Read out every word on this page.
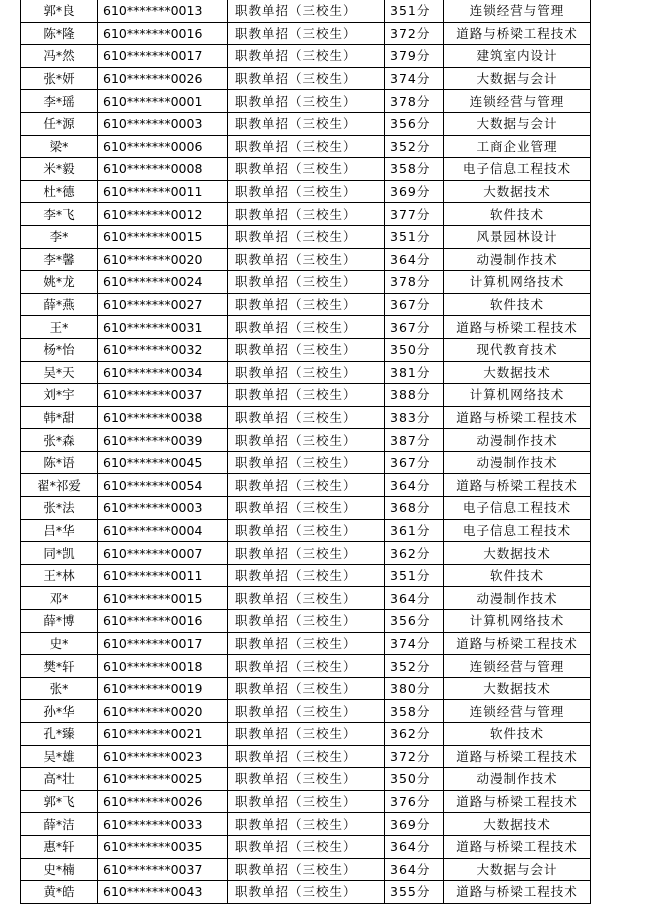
郭*良	610*******0013	职教单招（三校生）	351分	连锁经营与管理
陈*隆	610*******0016	职教单招（三校生）	372分	道路与桥梁工程技术
冯*然	610*******0017	职教单招（三校生）	379分	建筑室内设计
张*妍	610*******0026	职教单招（三校生）	374分	大数据与会计
李*瑶	610*******0001	职教单招（三校生）	378分	连锁经营与管理
任*源	610*******0003	职教单招（三校生）	356分	大数据与会计
梁*	610*******0006	职教单招（三校生）	352分	工商企业管理
米*毅	610*******0008	职教单招（三校生）	358分	电子信息工程技术
杜*德	610*******0011	职教单招（三校生）	369分	大数据技术
李*飞	610*******0012	职教单招（三校生）	377分	软件技术
李*	610*******0015	职教单招（三校生）	351分	风景园林设计
李*馨	610*******0020	职教单招（三校生）	364分	动漫制作技术
姚*龙	610*******0024	职教单招（三校生）	378分	计算机网络技术
薛*燕	610*******0027	职教单招（三校生）	367分	软件技术
王*	610*******0031	职教单招（三校生）	367分	道路与桥梁工程技术
杨*怡	610*******0032	职教单招（三校生）	350分	现代教育技术
吴*天	610*******0034	职教单招（三校生）	381分	大数据技术
刘*宇	610*******0037	职教单招（三校生）	388分	计算机网络技术
韩*甜	610*******0038	职教单招（三校生）	383分	道路与桥梁工程技术
张*森	610*******0039	职教单招（三校生）	387分	动漫制作技术
陈*语	610*******0045	职教单招（三校生）	367分	动漫制作技术
翟*祁爱	610*******0054	职教单招（三校生）	364分	道路与桥梁工程技术
张*法	610*******0003	职教单招（三校生）	368分	电子信息工程技术
吕*华	610*******0004	职教单招（三校生）	361分	电子信息工程技术
同*凯	610*******0007	职教单招（三校生）	362分	大数据技术
王*林	610*******0011	职教单招（三校生）	351分	软件技术
邓*	610*******0015	职教单招（三校生）	364分	动漫制作技术
薛*博	610*******0016	职教单招（三校生）	356分	计算机网络技术
史*	610*******0017	职教单招（三校生）	374分	道路与桥梁工程技术
樊*轩	610*******0018	职教单招（三校生）	352分	连锁经营与管理
张*	610*******0019	职教单招（三校生）	380分	大数据技术
孙*华	610*******0020	职教单招（三校生）	358分	连锁经营与管理
孔*臻	610*******0021	职教单招（三校生）	362分	软件技术
吴*雄	610*******0023	职教单招（三校生）	372分	道路与桥梁工程技术
高*壮	610*******0025	职教单招（三校生）	350分	动漫制作技术
郭*飞	610*******0026	职教单招（三校生）	376分	道路与桥梁工程技术
薛*洁	610*******0033	职教单招（三校生）	369分	大数据技术
惠*轩	610*******0035	职教单招（三校生）	364分	道路与桥梁工程技术
史*楠	610*******0037	职教单招（三校生）	364分	大数据与会计
黄*皓	610*******0043	职教单招（三校生）	355分	道路与桥梁工程技术
